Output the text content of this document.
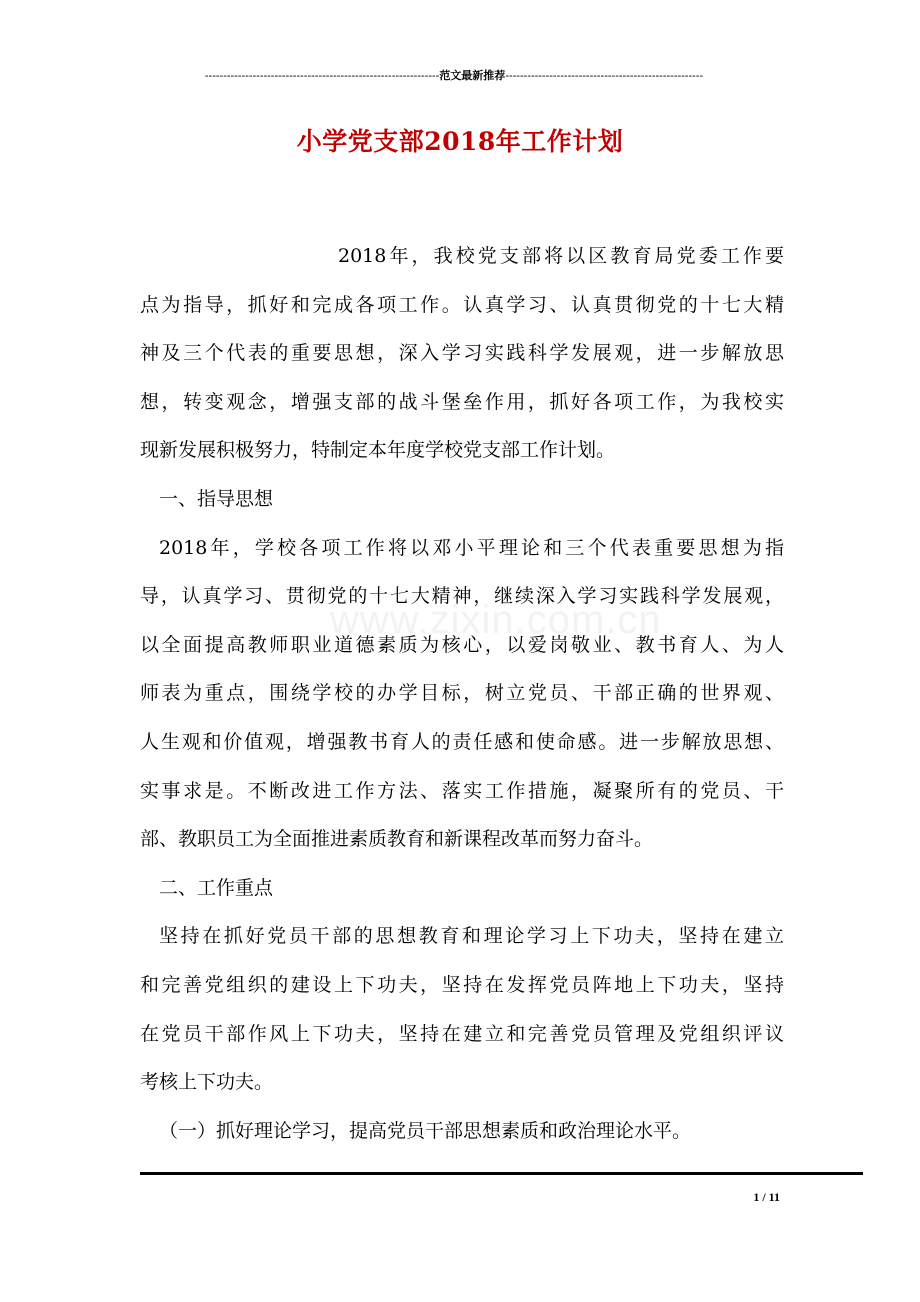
----------------------------------------------------------------范文最新推荐------------------------------------------------------
小学党支部2018年工作计划
www.zixin.com.cn
2018年，我校党支部将以区教育局党委工作要
点为指导，抓好和完成各项工作。认真学习、认真贯彻党的十七大精
神及三个代表的重要思想，深入学习实践科学发展观，进一步解放思
想，转变观念，增强支部的战斗堡垒作用，抓好各项工作，为我校实
现新发展积极努力，特制定本年度学校党支部工作计划。
一、指导思想
2018年，学校各项工作将以邓小平理论和三个代表重要思想为指
导，认真学习、贯彻党的十七大精神，继续深入学习实践科学发展观，
以全面提高教师职业道德素质为核心，以爱岗敬业、教书育人、为人
师表为重点，围绕学校的办学目标，树立党员、干部正确的世界观、
人生观和价值观，增强教书育人的责任感和使命感。进一步解放思想、
实事求是。不断改进工作方法、落实工作措施，凝聚所有的党员、干
部、教职员工为全面推进素质教育和新课程改革而努力奋斗。
二、工作重点
坚持在抓好党员干部的思想教育和理论学习上下功夫，坚持在建立
和完善党组织的建设上下功夫，坚持在发挥党员阵地上下功夫，坚持
在党员干部作风上下功夫，坚持在建立和完善党员管理及党组织评议
考核上下功夫。
（一）抓好理论学习，提高党员干部思想素质和政治理论水平。
1 / 11
